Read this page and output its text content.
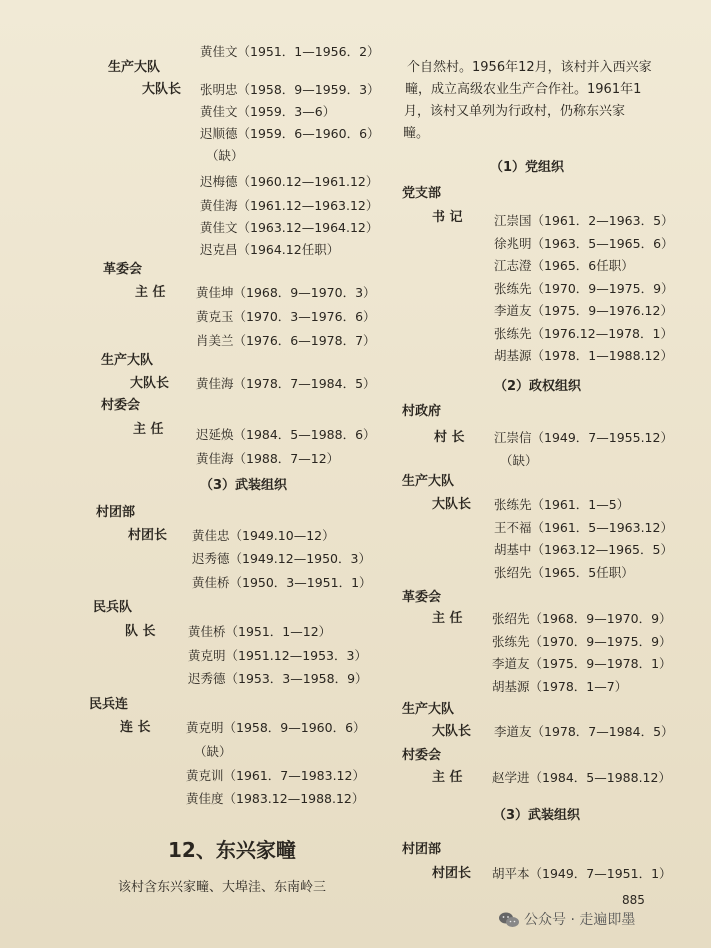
黄佳文（1951．1—1956．2）
生产大队
大队长 张明忠（1958．9—1959．3）
黄佳文（1959．3—6）
迟顺德（1959．6—1960．6）
（缺）
迟梅德（1960.12—1961.12）
黄佳海（1961.12—1963.12）
黄佳文（1963.12—1964.12）
迟克昌（1964.12任职）
革委会
主 任 黄佳坤（1968．9—1970．3）
黄克玉（1970．3—1976．6）
肖美兰（1976．6—1978．7）
生产大队
大队长 黄佳海（1978．7—1984．5）
村委会
主 任	迟延焕（1984．5—1988．6）
黄佳海（1988．7—12）
（3）武装组织
村团部
村团长 黄佳忠（1949.10—12）
迟秀德（1949.12—1950．3）
黄佳桥（1950．3—1951．1）
民兵队
队 长	黄佳桥（1951．1—12）
黄克明（1951.12—1953．3）
迟秀德（1953．3—1958．9）
民兵连
连 长	黄克明（1958．9—1960．6）
（缺）
黄克训（1961．7—1983.12）
黄佳度（1983.12—1988.12）
12、东兴家疃
该村含东兴家疃、大埠洼、东南岭三
个自然村。1956年12月，该村并入西兴家
疃，成立高级农业生产合作社。1961年1
月，该村又单列为行政村，仍称东兴家
疃。
（1）党组织
党支部
书 记	江崇国（1961．2—1963．5）
徐兆明（1963．5—1965．6）
江志澄（1965．6任职）
张练先（1970．9—1975．9）
李道友（1975．9—1976.12）
张练先（1976.12—1978．1）
胡基源（1978．1—1988.12）
（2）政权组织
村政府
村 长 江崇信（1949．7—1955.12）
（缺）
生产大队
大队长 张练先（1961．1—5）
王不福（1961．5—1963.12）
胡基中（1963.12—1965．5）
张绍先（1965．5任职）
革委会
主 任 张绍先（1968．9—1970．9）
张练先（1970．9—1975．9）
李道友（1975．9—1978．1）
胡基源（1978．1—7）
生产大队
大队长 李道友（1978．7—1984．5）
村委会
主 任 赵学进（1984．5—1988.12）
（3）武装组织
村团部
村团长 胡平本（1949．7—1951．1）
885
公众号 · 走遍即墨
